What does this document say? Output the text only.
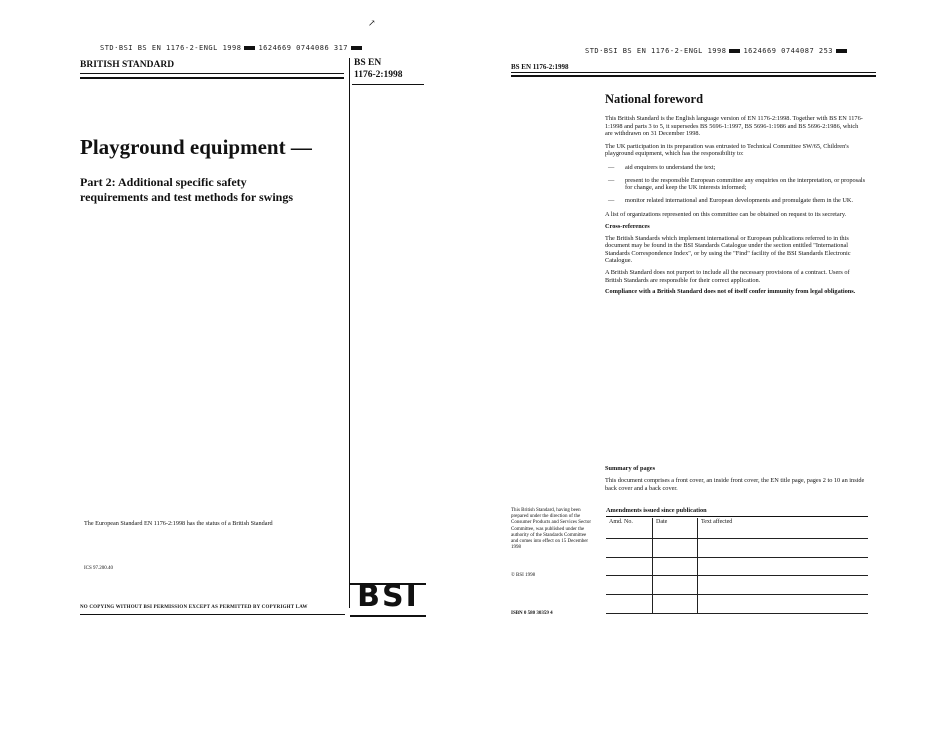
↗
STD·BSI BS EN 1176-2-ENGL 1998 1624669 0744086 317
BRITISH STANDARD	BS EN
1176-2:1998
Playground equipment —
Part 2: Additional specific safety requirements and test methods for swings

The European Standard EN 1176-2:1998 has the status of a British Standard

ICS 97.200.40

NO COPYING WITHOUT BSI PERMISSION EXCEPT AS PERMITTED BY COPYRIGHT LAW BSI
STD·BSI BS EN 1176-2-ENGL 1998 1624669 0744087 253
BS EN 1176-2:1998
National foreword

This British Standard is the English language version of EN 1176-2:1998. Together with BS EN 1176-1:1998 and parts 3 to 5, it supersedes BS 5696-1:1997, BS 5696-1:1986 and BS 5696-2:1986, which are withdrawn on 31 December 1998.

The UK participation in its preparation was entrusted to Technical Committee SW/65, Children's playground equipment, which has the responsibility to:

— aid enquirers to understand the text;
— present to the responsible European committee any enquiries on the interpretation, or proposals for change, and keep the UK interests informed;
— monitor related international and European developments and promulgate them in the UK.

A list of organizations represented on this committee can be obtained on request to its secretary.

Cross-references

The British Standards which implement international or European publications referred to in this document may be found in the BSI Standards Catalogue under the section entitled "International Standards Correspondence Index", or by using the "Find" facility of the BSI Standards Electronic Catalogue.

A British Standard does not purport to include all the necessary provisions of a contract. Users of British Standards are responsible for their correct application.

Compliance with a British Standard does not of itself confer immunity from legal obligations.

Summary of pages

This document comprises a front cover, an inside front cover, the EN title page, pages 2 to 10 an inside back cover and a back cover.

This British Standard, having been prepared under the direction of the Consumer Products and Services Sector Committee, was published under the authority of the Standards Committee and comes into effect on 15 December 1998

© BSI 1998

ISBN 0 580 30359 4

Amendments issued since publication

Amd. No.	Date	Text affected
